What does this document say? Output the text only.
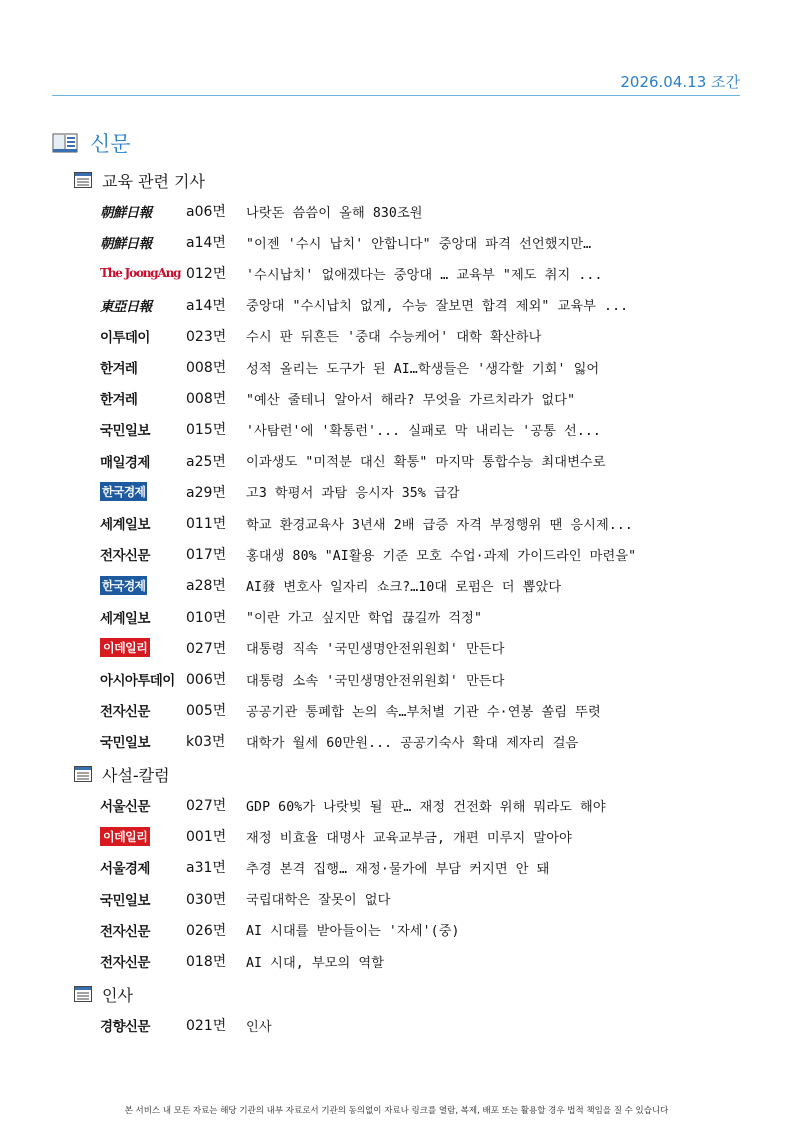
2026.04.13 조간
신문
교육 관련 기사
朝鮮日報	a06면	나랏돈 씀씀이 올해 830조원
朝鮮日報	a14면	"이젠 '수시 납치' 안합니다" 중앙대 파격 선언했지만…
The JoongAng 012면	'수시납치' 없애겠다는 중앙대 … 교육부 "제도 취지 ...
東亞日報	a14면	중앙대 "수시납치 없게, 수능 잘보면 합격 제외" 교육부 ...
이투데이	023면	수시 판 뒤흔든 '중대 수능케어' 대학 확산하나
한겨레	008면	성적 올리는 도구가 된 AI…학생들은 '생각할 기회' 잃어
한겨레	008면	"예산 줄테니 알아서 해라? 무엇을 가르치라가 없다"
국민일보	015면	'사탐런'에 '확통런'... 실패로 막 내리는 '공통 선...
매일경제	a25면	이과생도 "미적분 대신 확통" 마지막 통합수능 최대변수로
한국경제	a29면	고3 학평서 과탐 응시자 35% 급감
세계일보	011면	학교 환경교육사 3년새 2배 급증 자격 부정행위 땐 응시제...
전자신문	017면	홍대생 80% "AI활용 기준 모호 수업·과제 가이드라인 마련을"
한국경제	a28면	AI發 변호사 일자리 쇼크?…10대 로펌은 더 뽑았다
세계일보	010면	"이란 가고 싶지만 학업 끊길까 걱정"
이데일리	027면	대통령 직속 '국민생명안전위원회' 만든다
아시아투데이 006면	대통령 소속 '국민생명안전위원회' 만든다
전자신문	005면	공공기관 통폐합 논의 속…부처별 기관 수·연봉 쏠림 뚜렷
국민일보	k03면	대학가 월세 60만원... 공공기숙사 확대 제자리 걸음
사설-칼럼
서울신문	027면	GDP 60%가 나랏빚 될 판… 재정 건전화 위해 뭐라도 해야
이데일리	001면	재정 비효율 대명사 교육교부금, 개편 미루지 말아야
서울경제	a31면	추경 본격 집행… 재정·물가에 부담 커지면 안 돼
국민일보	030면	국립대학은 잘못이 없다
전자신문	026면	AI 시대를 받아들이는 '자세'(중)
전자신문	018면	AI 시대, 부모의 역할
인사
경향신문	021면	인사
본 서비스 내 모든 자료는 해당 기관의 내부 자료로서 기관의 동의없이 자료나 링크를 열람, 복제, 배포 또는 활용할 경우 법적 책임을 질 수 있습니다
